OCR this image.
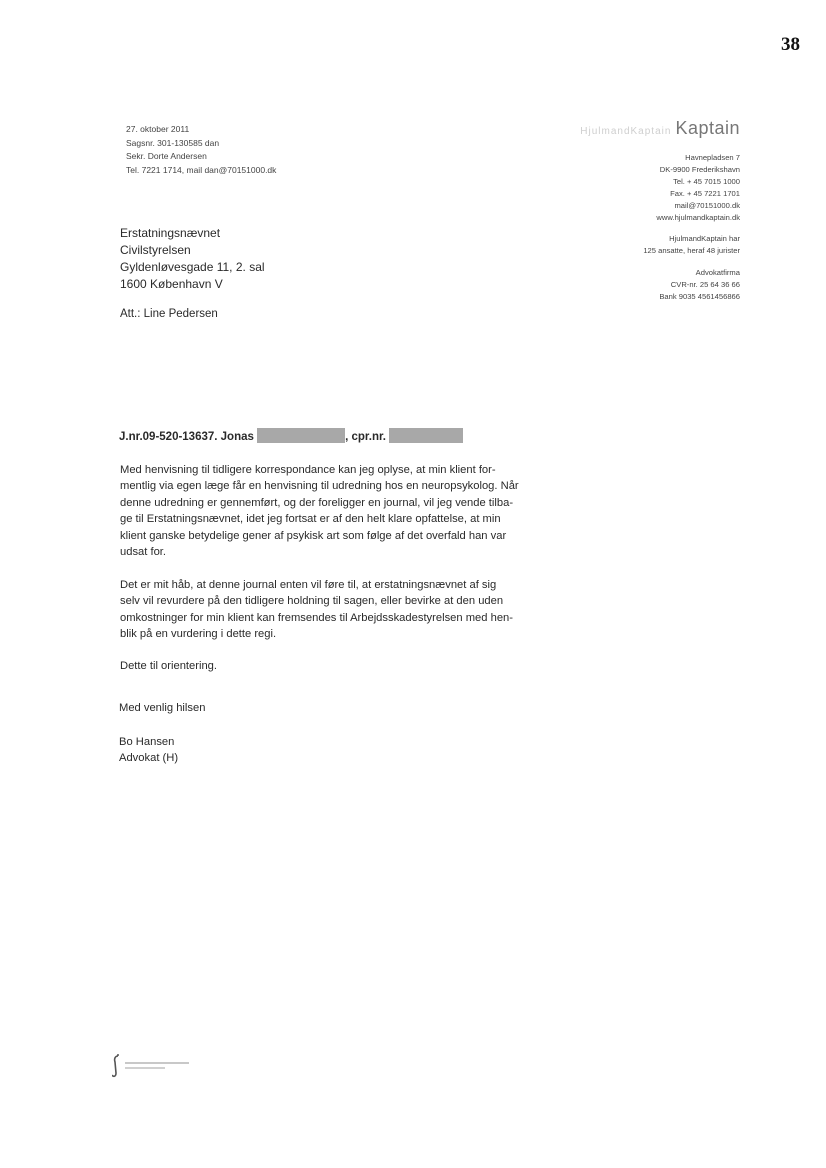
38
27. oktober 2011
Sagsnr. 301-130585 dan
Sekr. Dorte Andersen
Tel. 7221 1714, mail dan@70151000.dk
HjulmandKaptain Kaptain
Havnepladsen 7
DK-9900 Frederikshavn
Tel. + 45 7015 1000
Fax. + 45 7221 1701
mail@70151000.dk
www.hjulmandkaptain.dk
HjulmandKaptain har
125 ansatte, heraf 48 jurister
Advokatfirma
CVR-nr. 25 64 36 66
Bank 9035 4561456866
Erstatningsnævnet
Civilstyrelsen
Gyldenløvesgade 11, 2. sal
1600 København V
Att.: Line Pedersen
J.nr.09-520-13637. Jonas	, cpr.nr.
Med henvisning til tidligere korrespondance kan jeg oplyse, at min klient for-
mentlig via egen læge får en henvisning til udredning hos en neuropsykolog. Når
denne udredning er gennemført, og der foreligger en journal, vil jeg vende tilba-
ge til Erstatningsnævnet, idet jeg fortsat er af den helt klare opfattelse, at min
klient ganske betydelige gener af psykisk art som følge af det overfald han var
udsat for.
Det er mit håb, at denne journal enten vil føre til, at erstatningsnævnet af sig
selv vil revurdere på den tidligere holdning til sagen, eller bevirke at den uden
omkostninger for min klient kan fremsendes til Arbejdsskadestyrelsen med hen-
blik på en vurdering i dette regi.
Dette til orientering.
Med venlig hilsen
Bo Hansen
Advokat (H)
